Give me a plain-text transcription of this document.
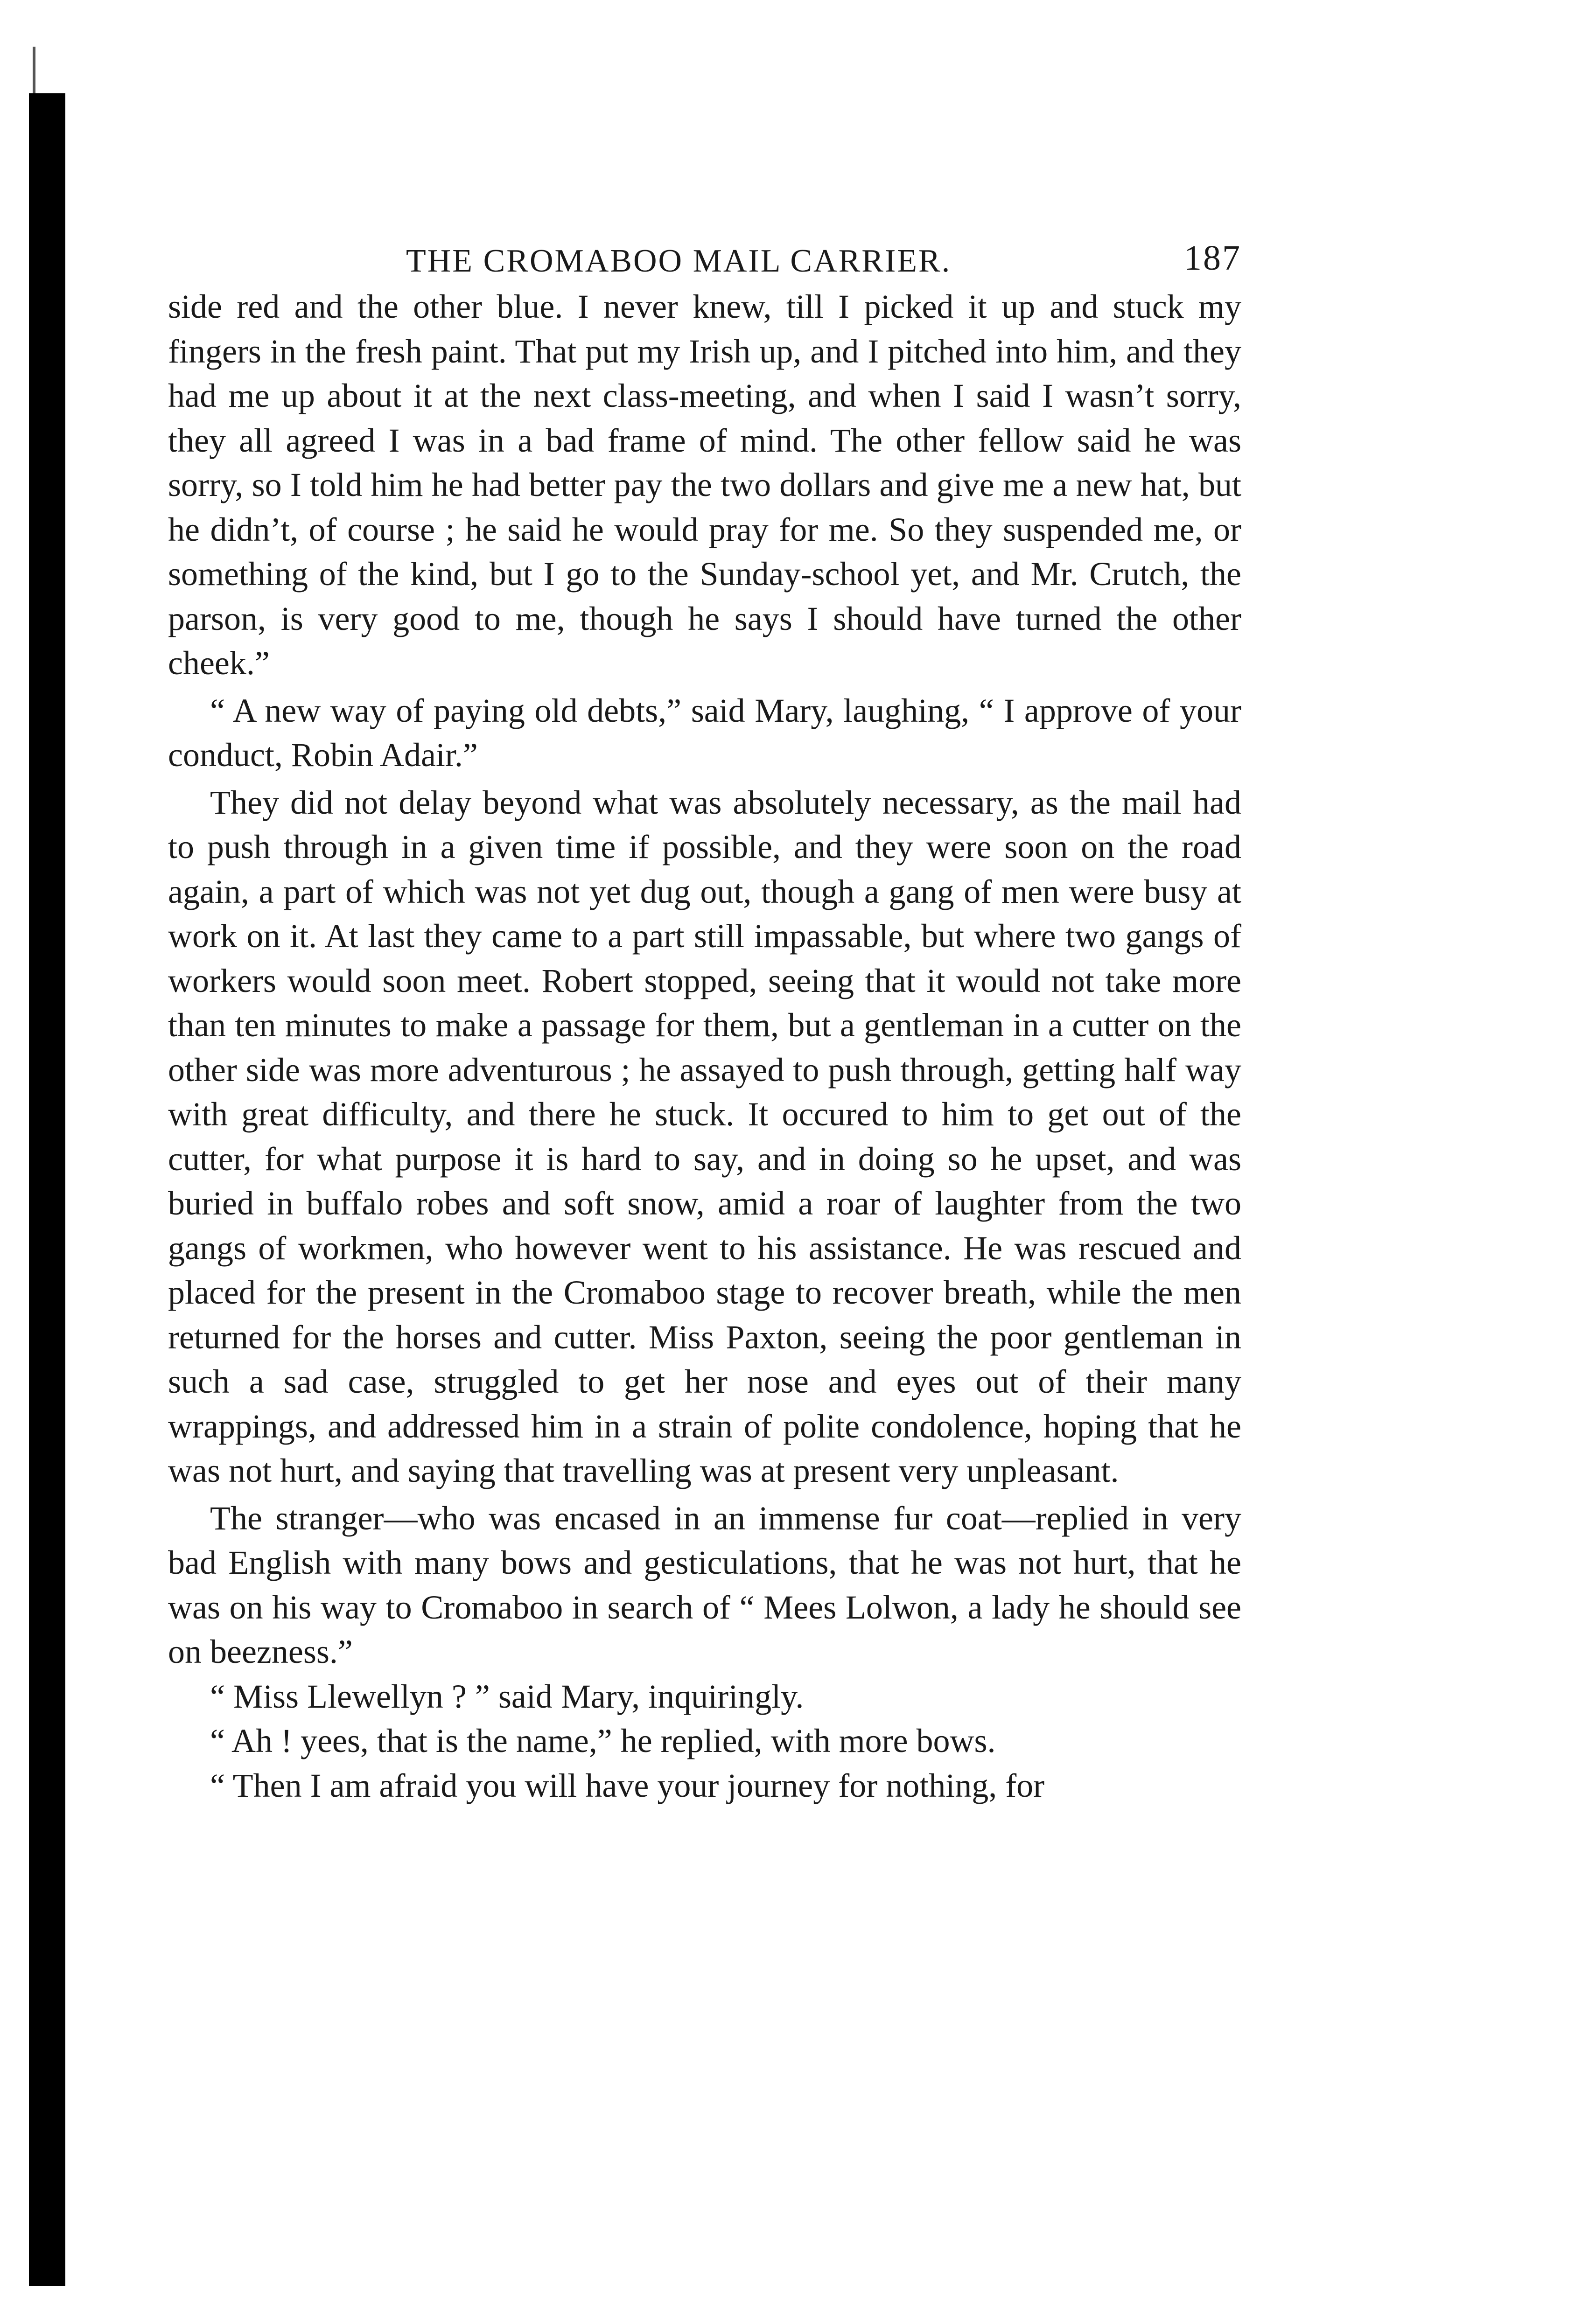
THE CROMABOO MAIL CARRIER.	187

side red and the other blue. I never knew, till I picked it up and stuck my fingers in the fresh paint. That put my Irish up, and I pitched into him, and they had me up about it at the next class-meeting, and when I said I wasn’t sorry, they all agreed I was in a bad frame of mind. The other fellow said he was sorry, so I told him he had better pay the two dollars and give me a new hat, but he didn’t, of course ; he said he would pray for me. So they suspended me, or something of the kind, but I go to the Sunday-school yet, and Mr. Crutch, the parson, is very good to me, though he says I should have turned the other cheek.”

“ A new way of paying old debts,” said Mary, laughing, “ I approve of your conduct, Robin Adair.”

They did not delay beyond what was absolutely necessary, as the mail had to push through in a given time if possible, and they were soon on the road again, a part of which was not yet dug out, though a gang of men were busy at work on it. At last they came to a part still impassable, but where two gangs of workers would soon meet. Robert stopped, seeing that it would not take more than ten minutes to make a passage for them, but a gentleman in a cutter on the other side was more adventurous ; he assayed to push through, getting half way with great difficulty, and there he stuck. It occured to him to get out of the cutter, for what purpose it is hard to say, and in doing so he upset, and was buried in buffalo robes and soft snow, amid a roar of laughter from the two gangs of workmen, who however went to his assistance. He was rescued and placed for the present in the Cromaboo stage to recover breath, while the men returned for the horses and cutter. Miss Paxton, seeing the poor gentleman in such a sad case, struggled to get her nose and eyes out of their many wrappings, and addressed him in a strain of polite condolence, hoping that he was not hurt, and saying that travelling was at present very unpleasant.

The stranger—who was encased in an immense fur coat—replied in very bad English with many bows and gesticulations, that he was not hurt, that he was on his way to Cromaboo in search of “ Mees Lolwon, a lady he should see on beezness.”

“ Miss Llewellyn ? ” said Mary, inquiringly.

“ Ah ! yees, that is the name,” he replied, with more bows.

“ Then I am afraid you will have your journey for nothing, for
